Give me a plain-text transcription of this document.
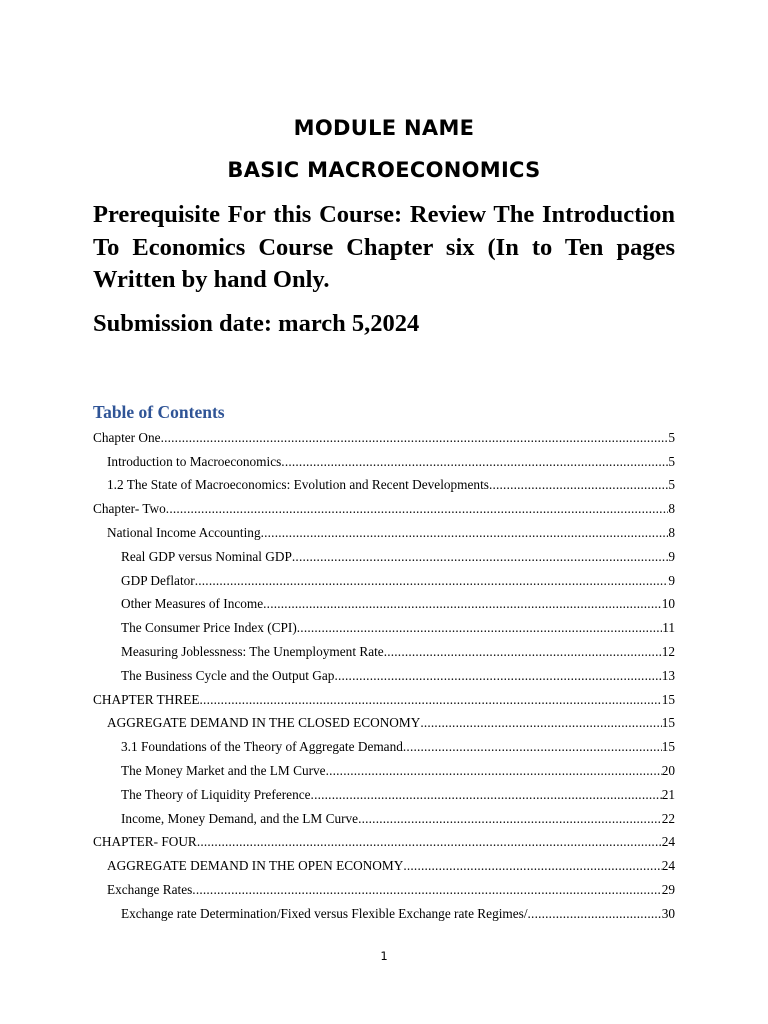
MODULE NAME
BASIC MACROECONOMICS
Prerequisite For this Course: Review The Introduction To Economics Course Chapter six (In to Ten pages Written by hand Only.
Submission date: march 5,2024
Table of Contents
Chapter One .....	5
Introduction to Macroeconomics .....	5
1.2 The State of Macroeconomics: Evolution and Recent Developments .....	5
Chapter- Two .....	8
National Income Accounting .....	8
Real GDP versus Nominal GDP .....	9
GDP Deflator .....	9
Other Measures of Income .....	10
The Consumer Price Index (CPI) .....	11
Measuring Joblessness: The Unemployment Rate .....	12
The Business Cycle and the Output Gap .....	13
CHAPTER THREE .....	15
AGGREGATE DEMAND IN THE CLOSED ECONOMY .....	15
3.1 Foundations of the Theory of Aggregate Demand .....	15
The Money Market and the LM Curve .....	20
The Theory of Liquidity Preference .....	21
Income, Money Demand, and the LM Curve .....	22
CHAPTER- FOUR .....	24
AGGREGATE DEMAND IN THE OPEN ECONOMY .....	24
Exchange Rates .....	29
Exchange rate Determination/Fixed versus Flexible Exchange rate Regimes/ .....	30
1
